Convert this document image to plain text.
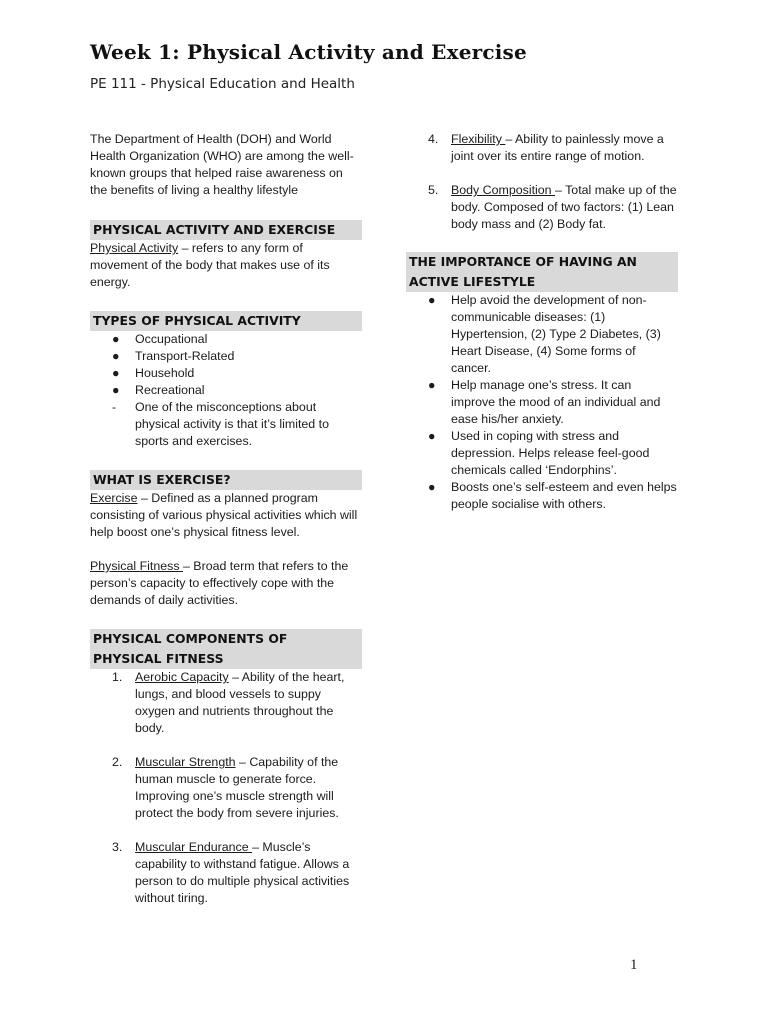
Week 1: Physical Activity and Exercise
PE 111 - Physical Education and Health

The Department of Health (DOH) and World Health Organization (WHO) are among the well-known groups that helped raise awareness on the benefits of living a healthy lifestyle

PHYSICAL ACTIVITY AND EXERCISE

Physical Activity – refers to any form of movement of the body that makes use of its energy.

TYPES OF PHYSICAL ACTIVITY
●	Occupational
●	Transport-Related
●	Household
●	Recreational
-	One of the misconceptions about physical activity is that it’s limited to sports and exercises.
WHAT IS EXERCISE?

Exercise – Defined as a planned program consisting of various physical activities which will help boost one’s physical fitness level.

Physical Fitness – Broad term that refers to the person’s capacity to effectively cope with the demands of daily activities.

PHYSICAL COMPONENTS OF PHYSICAL FITNESS
1. Aerobic Capacity – Ability of the heart, lungs, and blood vessels to suppy oxygen and nutrients throughout the body.
2. Muscular Strength – Capability of the human muscle to generate force. Improving one’s muscle strength will protect the body from severe injuries.
3. Muscular Endurance – Muscle’s capability to withstand fatigue. Allows a person to do multiple physical activities without tiring.
4. Flexibility – Ability to painlessly move a joint over its entire range of motion.
5. Body Composition – Total make up of the body. Composed of two factors: (1) Lean body mass and (2) Body fat.
THE IMPORTANCE OF HAVING AN ACTIVE LIFESTYLE
●	Help avoid the development of non-communicable diseases: (1) Hypertension, (2) Type 2 Diabetes, (3) Heart Disease, (4) Some forms of cancer.
●	Help manage one’s stress. It can improve the mood of an individual and ease his/her anxiety.
●	Used in coping with stress and depression. Helps release feel-good chemicals called ‘Endorphins’.
●	Boosts one’s self-esteem and even helps people socialise with others.
1
